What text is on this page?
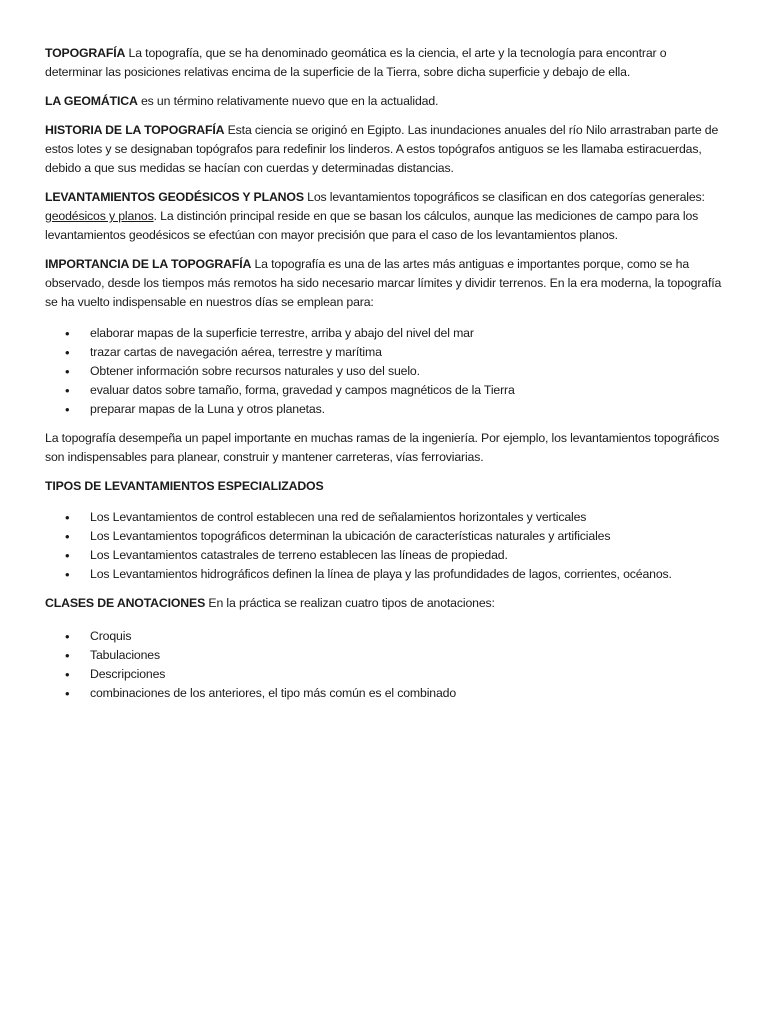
TOPOGRAFÍA La topografía, que se ha denominado geomática es la ciencia, el arte y la tecnología para encontrar o determinar las posiciones relativas encima de la superficie de la Tierra, sobre dicha superficie y debajo de ella.

LA GEOMÁTICA es un término relativamente nuevo que en la actualidad.

HISTORIA DE LA TOPOGRAFÍA Esta ciencia se originó en Egipto. Las inundaciones anuales del río Nilo arrastraban parte de estos lotes y se designaban topógrafos para redefinir los linderos. A estos topógrafos antiguos se les llamaba estiracuerdas, debido a que sus medidas se hacían con cuerdas y determinadas distancias.

LEVANTAMIENTOS GEODÉSICOS Y PLANOS Los levantamientos topográficos se clasifican en dos categorías generales: geodésicos y planos. La distinción principal reside en que se basan los cálculos, aunque las mediciones de campo para los levantamientos geodésicos se efectúan con mayor precisión que para el caso de los levantamientos planos.

IMPORTANCIA DE LA TOPOGRAFÍA La topografía es una de las artes más antiguas e importantes porque, como se ha observado, desde los tiempos más remotos ha sido necesario marcar límites y dividir terrenos. En la era moderna, la topografía se ha vuelto indispensable en nuestros días se emplean para:

• elaborar mapas de la superficie terrestre, arriba y abajo del nivel del mar
• trazar cartas de navegación aérea, terrestre y marítima
• Obtener información sobre recursos naturales y uso del suelo.
• evaluar datos sobre tamaño, forma, gravedad y campos magnéticos de la Tierra
• preparar mapas de la Luna y otros planetas.

La topografía desempeña un papel importante en muchas ramas de la ingeniería. Por ejemplo, los levantamientos topográficos son indispensables para planear, construir y mantener carreteras, vías ferroviarias.

TIPOS DE LEVANTAMIENTOS ESPECIALIZADOS

• Los Levantamientos de control establecen una red de señalamientos horizontales y verticales
• Los Levantamientos topográficos determinan la ubicación de características naturales y artificiales
• Los Levantamientos catastrales de terreno establecen las líneas de propiedad.
• Los Levantamientos hidrográficos definen la línea de playa y las profundidades de lagos, corrientes, océanos.

CLASES DE ANOTACIONES En la práctica se realizan cuatro tipos de anotaciones:

• Croquis
• Tabulaciones
• Descripciones
• combinaciones de los anteriores, el tipo más común es el combinado
